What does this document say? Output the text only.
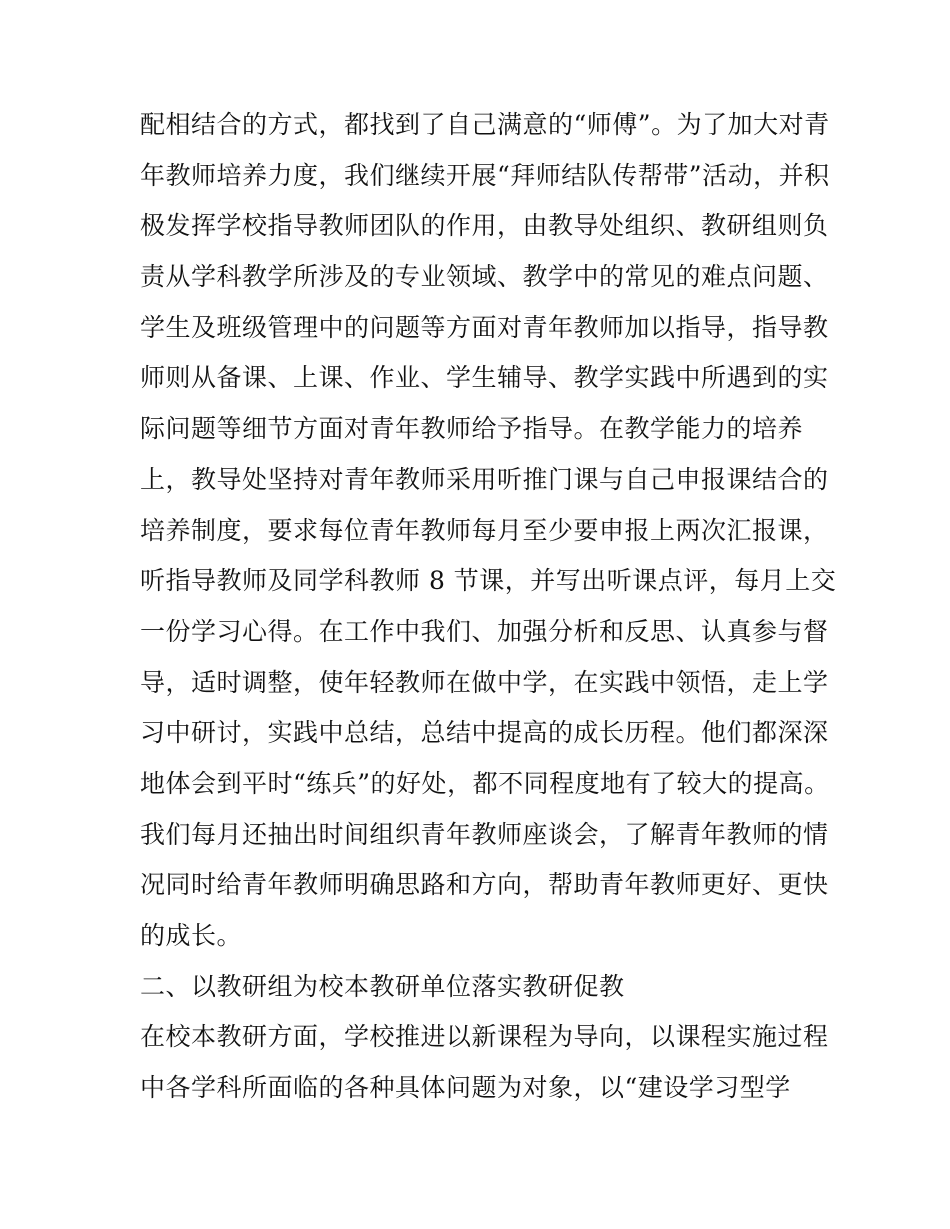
配相结合的方式，都找到了自己满意的“师傅”。为了加大对青
年教师培养力度，我们继续开展“拜师结队传帮带”活动，并积
极发挥学校指导教师团队的作用，由教导处组织、教研组则负
责从学科教学所涉及的专业领域、教学中的常见的难点问题、
学生及班级管理中的问题等方面对青年教师加以指导，指导教
师则从备课、上课、作业、学生辅导、教学实践中所遇到的实
际问题等细节方面对青年教师给予指导。在教学能力的培养
上，教导处坚持对青年教师采用听推门课与自己申报课结合的
培养制度，要求每位青年教师每月至少要申报上两次汇报课，
听指导教师及同学科教师 8 节课，并写出听课点评，每月上交
一份学习心得。在工作中我们、加强分析和反思、认真参与督
导，适时调整，使年轻教师在做中学，在实践中领悟，走上学
习中研讨，实践中总结，总结中提高的成长历程。他们都深深
地体会到平时“练兵”的好处，都不同程度地有了较大的提高。
我们每月还抽出时间组织青年教师座谈会，了解青年教师的情
况同时给青年教师明确思路和方向，帮助青年教师更好、更快
的成长。
二、以教研组为校本教研单位落实教研促教
在校本教研方面，学校推进以新课程为导向，以课程实施过程
中各学科所面临的各种具体问题为对象，以“建设学习型学
